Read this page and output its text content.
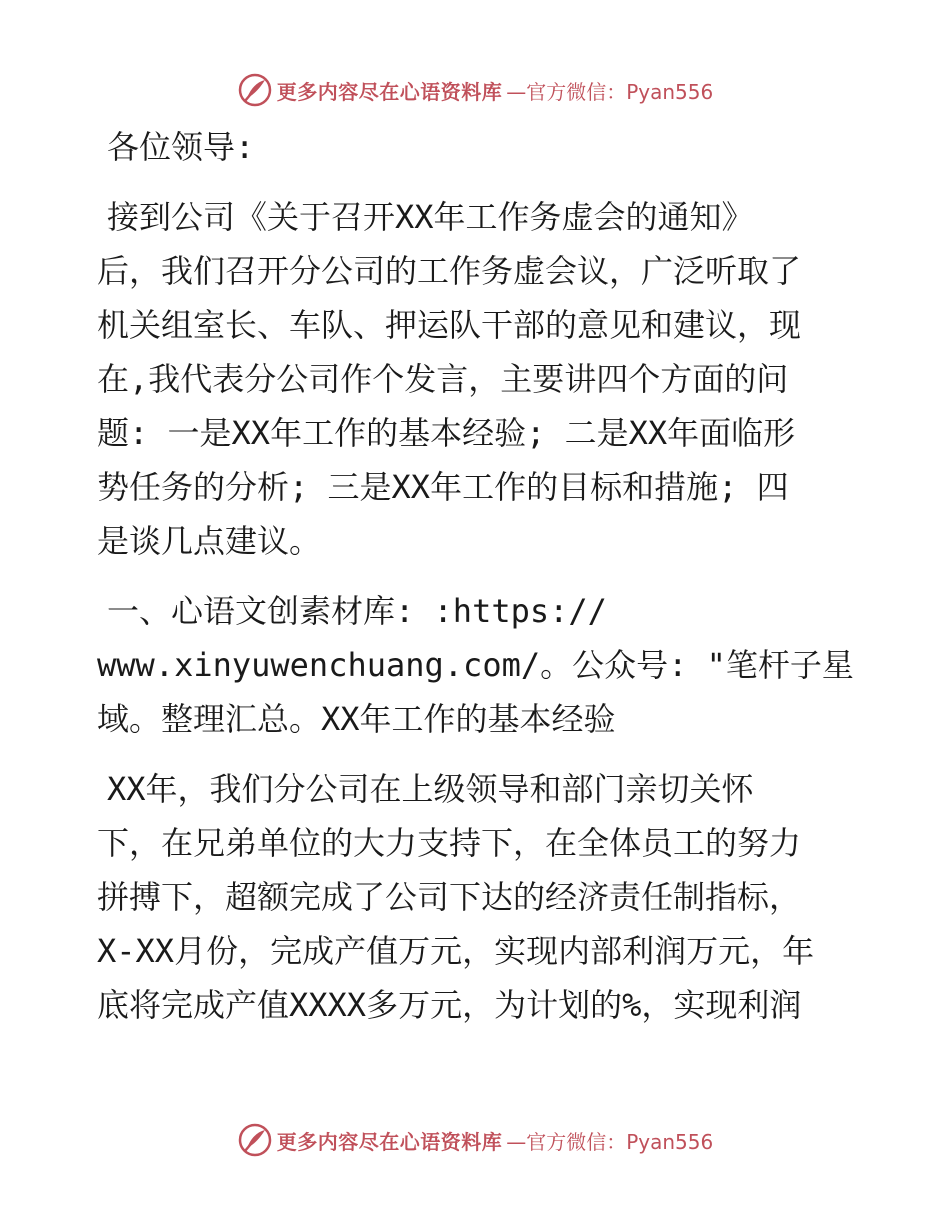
更多内容尽在心语资料库 —官方微信：Pyan556

各位领导:

接到公司《关于召开XX年工作务虚会的通知》
后，我们召开分公司的工作务虚会议，广泛听取了
机关组室长、车队、押运队干部的意见和建议，现
在,我代表分公司作个发言，主要讲四个方面的问
题: 一是XX年工作的基本经验; 二是XX年面临形
势任务的分析; 三是XX年工作的目标和措施; 四
是谈几点建议。

一、心语文创素材库: :https://
www.xinyuwenchuang.com/。公众号: "笔杆子星
域。整理汇总。XX年工作的基本经验

XX年，我们分公司在上级领导和部门亲切关怀
下，在兄弟单位的大力支持下，在全体员工的努力
拼搏下，超额完成了公司下达的经济责任制指标，
X-XX月份，完成产值万元，实现内部利润万元，年
底将完成产值XXXX多万元，为计划的%，实现利润

更多内容尽在心语资料库 —官方微信：Pyan556
